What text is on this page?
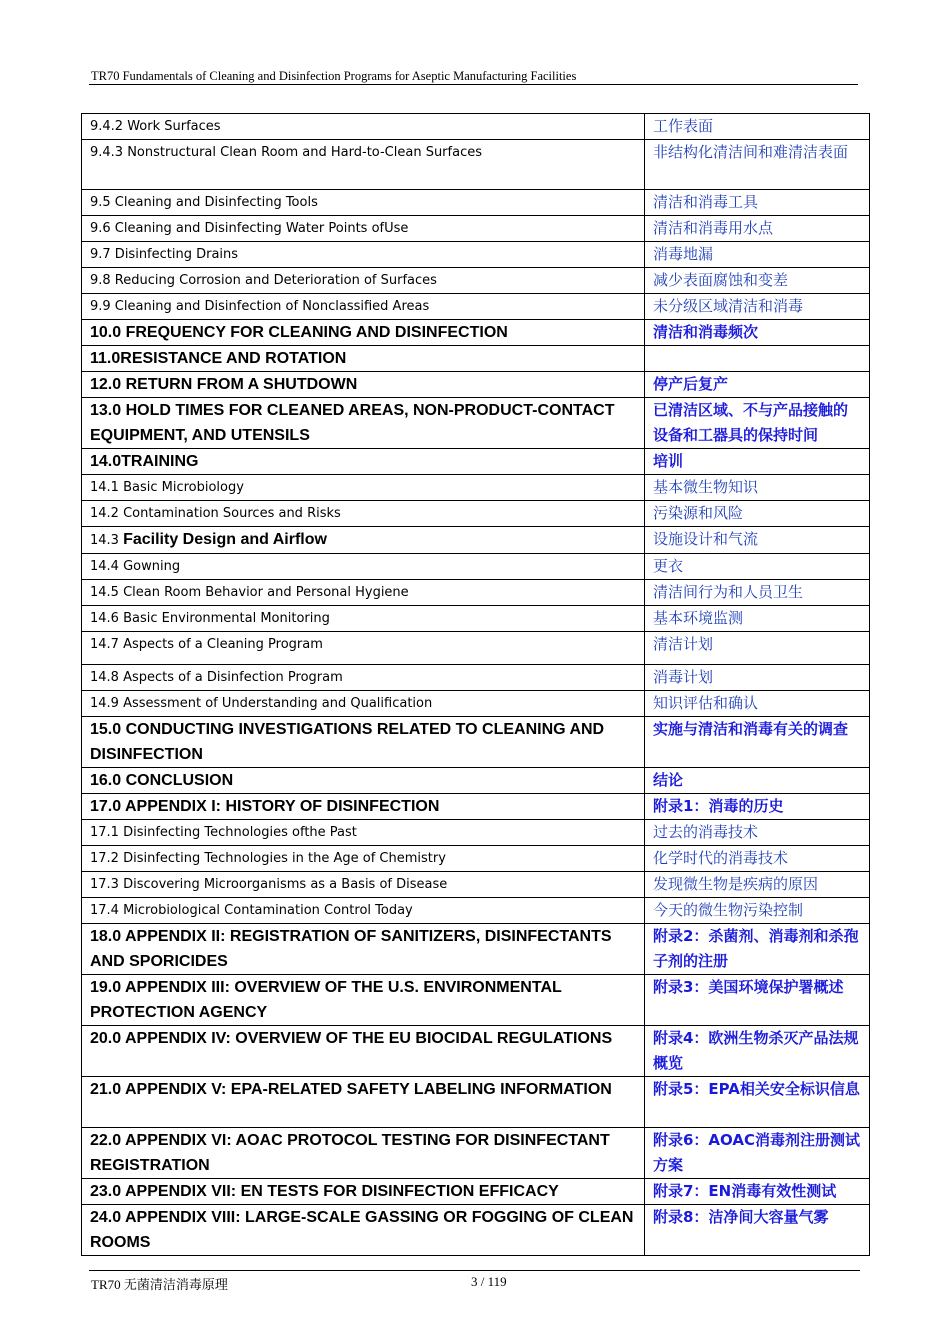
TR70 Fundamentals of Cleaning and Disinfection Programs for Aseptic Manufacturing Facilities
9.4.2 Work Surfaces	工作表面
9.4.3 Nonstructural Clean Room and Hard-to-Clean Surfaces	非结构化清洁间和难清洁表面
9.5 Cleaning and Disinfecting Tools	清洁和消毒工具
9.6 Cleaning and Disinfecting Water Points ofUse	清洁和消毒用水点
9.7 Disinfecting Drains	消毒地漏
9.8 Reducing Corrosion and Deterioration of Surfaces	减少表面腐蚀和变差
9.9 Cleaning and Disinfection of Nonclassified Areas	未分级区域清洁和消毒
10.0 FREQUENCY FOR CLEANING AND DISINFECTION	清洁和消毒频次
11.0RESISTANCE AND ROTATION	
12.0 RETURN FROM A SHUTDOWN	停产后复产
13.0 HOLD TIMES FOR CLEANED AREAS, NON-PRODUCT-CONTACT EQUIPMENT, AND UTENSILS	已清洁区域、不与产品接触的设备和工器具的保持时间
14.0TRAINING	培训
14.1 Basic Microbiology	基本微生物知识
14.2 Contamination Sources and Risks	污染源和风险
14.3 Facility Design and Airflow	设施设计和气流
14.4 Gowning	更衣
14.5 Clean Room Behavior and Personal Hygiene	清洁间行为和人员卫生
14.6 Basic Environmental Monitoring	基本环境监测
14.7 Aspects of a Cleaning Program	清洁计划
14.8 Aspects of a Disinfection Program	消毒计划
14.9 Assessment of Understanding and Qualification	知识评估和确认
15.0 CONDUCTING INVESTIGATIONS RELATED TO CLEANING AND DISINFECTION	实施与清洁和消毒有关的调查
16.0 CONCLUSION	结论
17.0 APPENDIX I: HISTORY OF DISINFECTION	附录1：消毒的历史
17.1 Disinfecting Technologies ofthe Past	过去的消毒技术
17.2 Disinfecting Technologies in the Age of Chemistry	化学时代的消毒技术
17.3 Discovering Microorganisms as a Basis of Disease	发现微生物是疾病的原因
17.4 Microbiological Contamination Control Today	今天的微生物污染控制
18.0 APPENDIX II: REGISTRATION OF SANITIZERS, DISINFECTANTS AND SPORICIDES	附录2：杀菌剂、消毒剂和杀孢子剂的注册
19.0 APPENDIX III: OVERVIEW OF THE U.S. ENVIRONMENTAL PROTECTION AGENCY	附录3：美国环境保护署概述
20.0 APPENDIX IV: OVERVIEW OF THE EU BIOCIDAL REGULATIONS	附录4：欧洲生物杀灭产品法规概览
21.0 APPENDIX V: EPA-RELATED SAFETY LABELING INFORMATION	附录5：EPA相关安全标识信息
22.0 APPENDIX VI: AOAC PROTOCOL TESTING FOR DISINFECTANT REGISTRATION	附录6：AOAC消毒剂注册测试方案
23.0 APPENDIX VII: EN TESTS FOR DISINFECTION EFFICACY	附录7：EN消毒有效性测试
24.0 APPENDIX VIII: LARGE-SCALE GASSING OR FOGGING OF CLEAN ROOMS	附录8：洁净间大容量气雾
TR70 无菌清洁消毒原理	3 / 119
